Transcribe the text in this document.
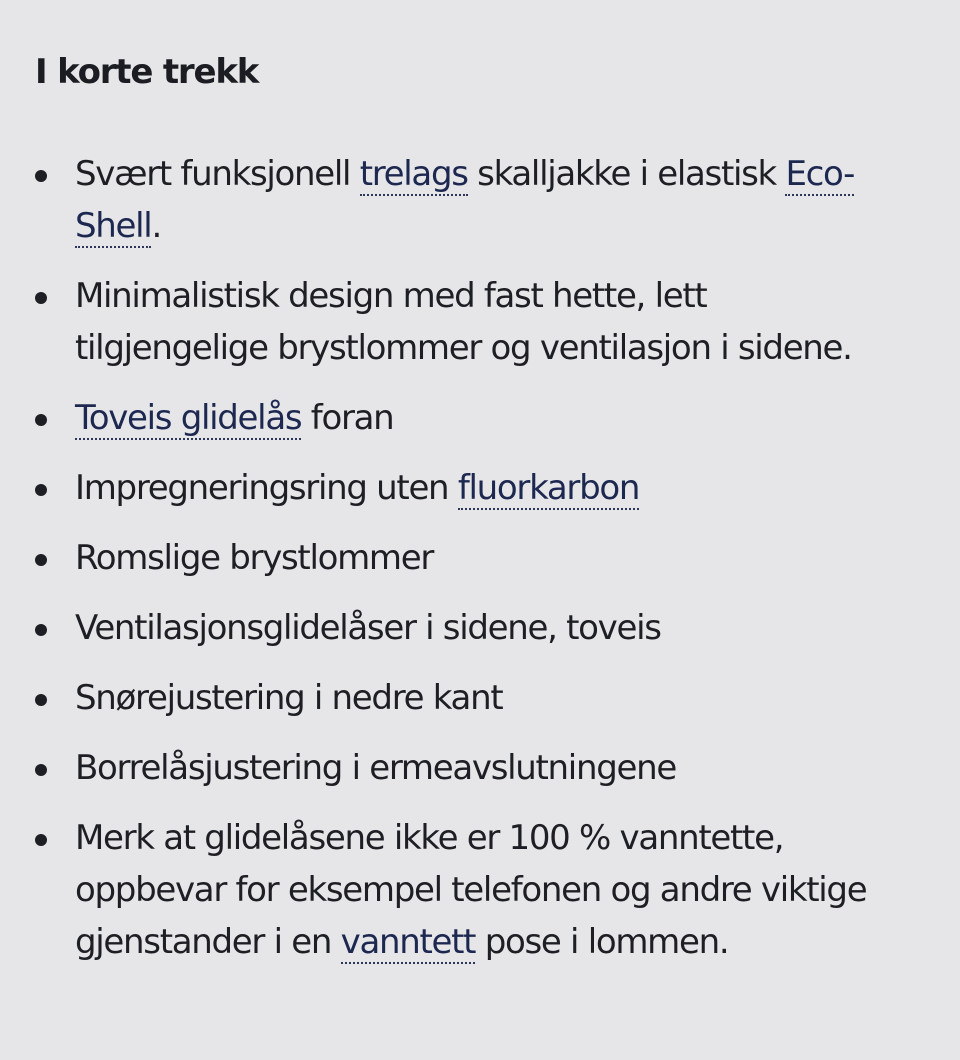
I korte trekk
Svært funksjonell trelags skalljakke i elastisk Eco-Shell.
Minimalistisk design med fast hette, lett tilgjengelige brystlommer og ventilasjon i sidene.
Toveis glidelås foran
Impregneringsring uten fluorkarbon
Romslige brystlommer
Ventilasjonsglidelåser i sidene, toveis
Snørejustering i nedre kant
Borrelåsjustering i ermeavslutningene
Merk at glidelåsene ikke er 100 % vanntette, oppbevar for eksempel telefonen og andre viktige gjenstander i en vanntett pose i lommen.
